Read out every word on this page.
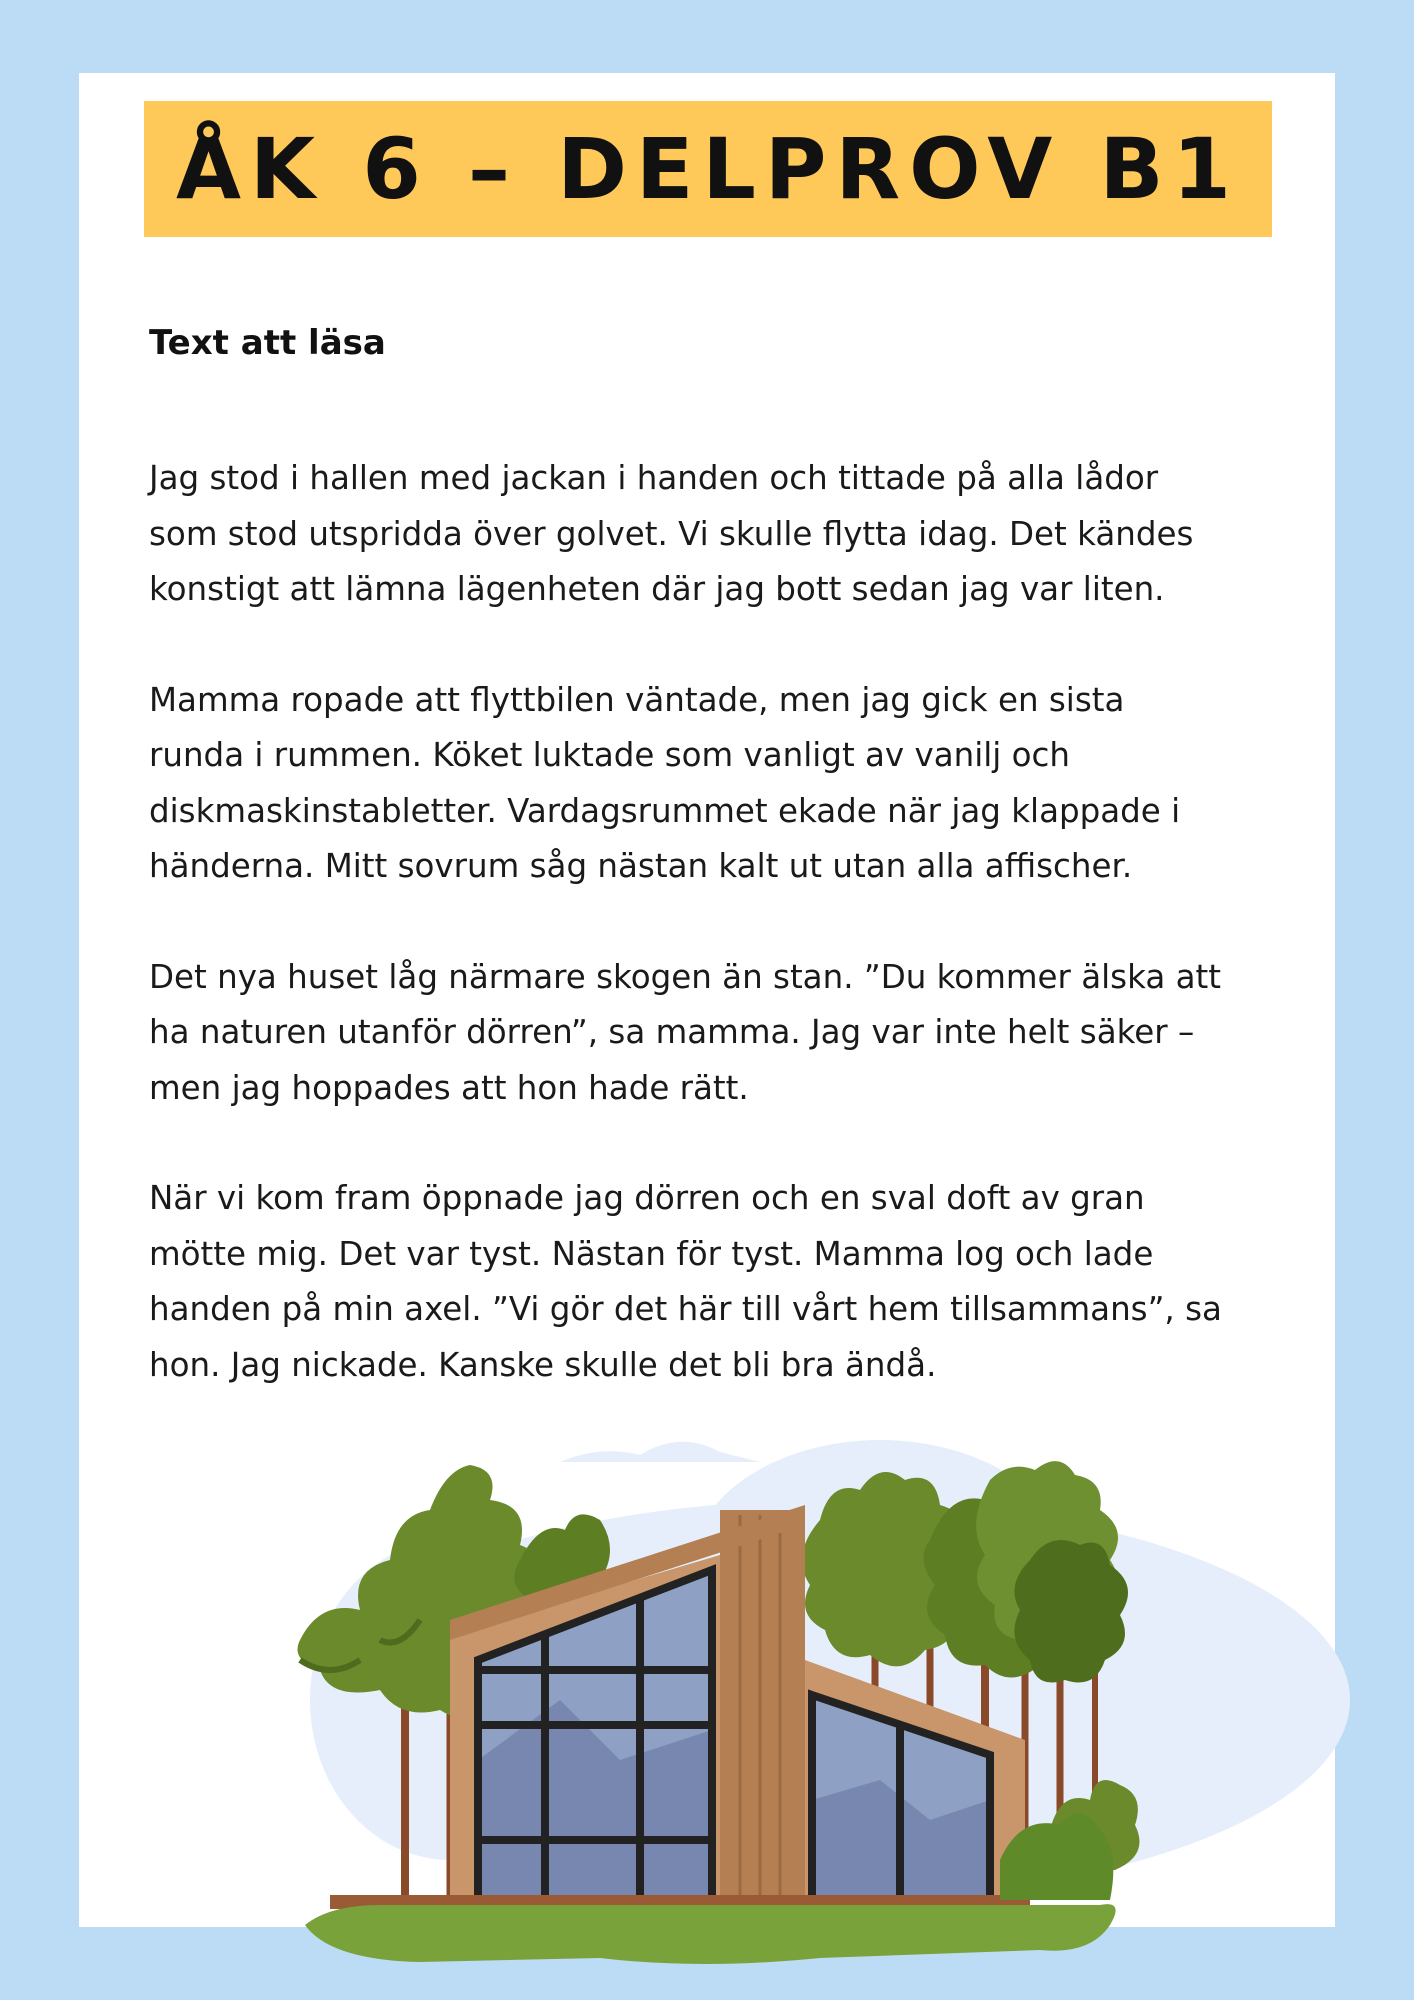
ÅK 6 – DELPROV B1
Text att läsa

Jag stod i hallen med jackan i handen och tittade på alla lådor
som stod utspridda över golvet. Vi skulle flytta idag. Det kändes
konstigt att lämna lägenheten där jag bott sedan jag var liten.

Mamma ropade att flyttbilen väntade, men jag gick en sista
runda i rummen. Köket luktade som vanligt av vanilj och
diskmaskinstabletter. Vardagsrummet ekade när jag klappade i
händerna. Mitt sovrum såg nästan kalt ut utan alla affischer.

Det nya huset låg närmare skogen än stan. ”Du kommer älska att
ha naturen utanför dörren”, sa mamma. Jag var inte helt säker –
men jag hoppades att hon hade rätt.

När vi kom fram öppnade jag dörren och en sval doft av gran
mötte mig. Det var tyst. Nästan för tyst. Mamma log och lade
handen på min axel. ”Vi gör det här till vårt hem tillsammans”, sa
hon. Jag nickade. Kanske skulle det bli bra ändå.
